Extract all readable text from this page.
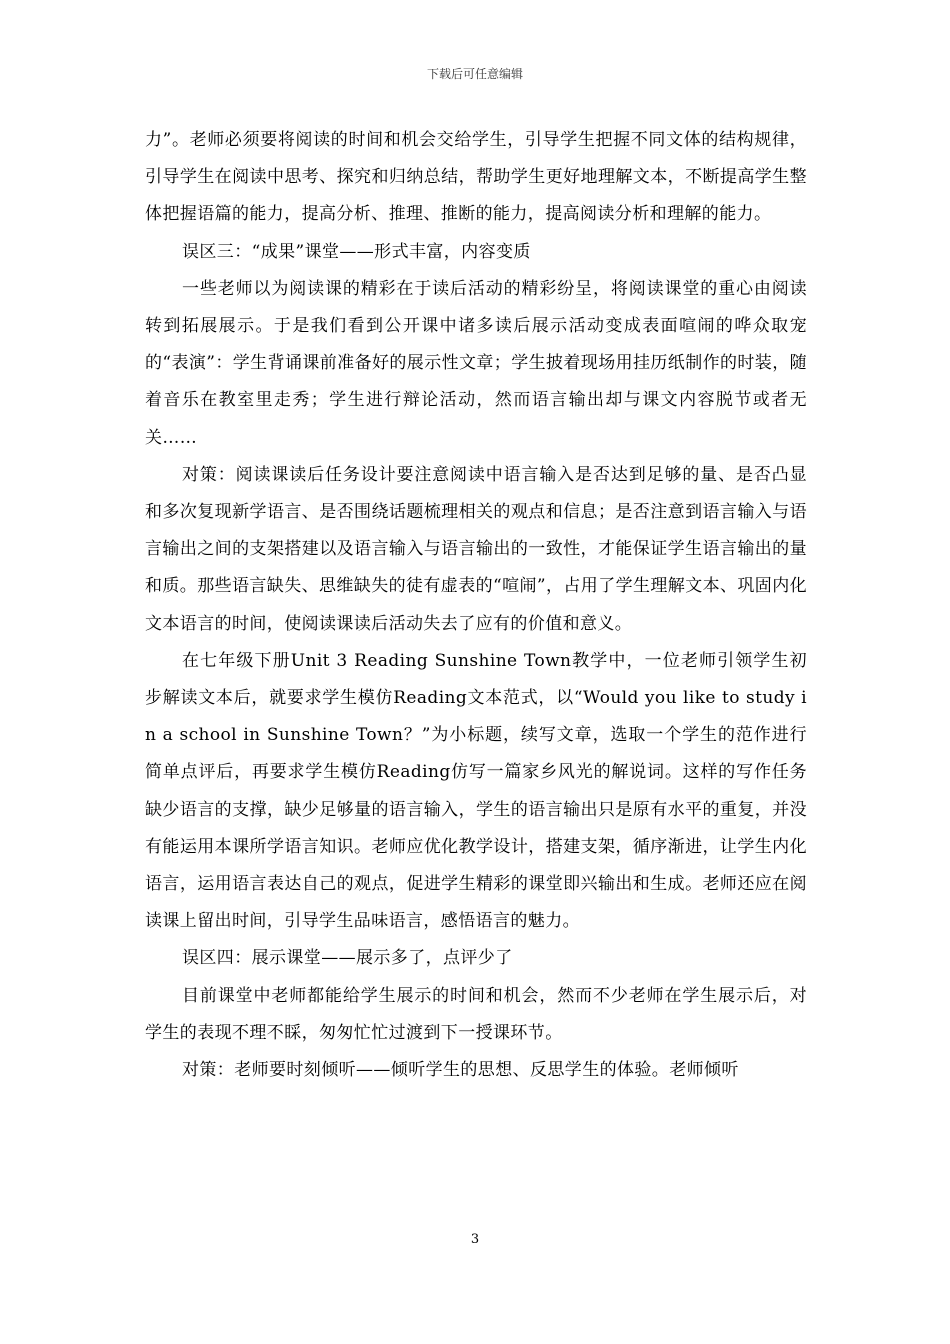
下载后可任意编辑

力”。老师必须要将阅读的时间和机会交给学生，引导学生把握不同文体的结构规律，引导学生在阅读中思考、探究和归纳总结，帮助学生更好地理解文本，不断提高学生整体把握语篇的能力，提高分析、推理、推断的能力，提高阅读分析和理解的能力。

误区三：“成果”课堂——形式丰富，内容变质

一些老师以为阅读课的精彩在于读后活动的精彩纷呈，将阅读课堂的重心由阅读转到拓展展示。于是我们看到公开课中诸多读后展示活动变成表面喧闹的哗众取宠的“表演”：学生背诵课前准备好的展示性文章；学生披着现场用挂历纸制作的时装，随着音乐在教室里走秀；学生进行辩论活动，然而语言输出却与课文内容脱节或者无关……

对策：阅读课读后任务设计要注意阅读中语言输入是否达到足够的量、是否凸显和多次复现新学语言、是否围绕话题梳理相关的观点和信息；是否注意到语言输入与语言输出之间的支架搭建以及语言输入与语言输出的一致性，才能保证学生语言输出的量和质。那些语言缺失、思维缺失的徒有虚表的“喧闹”，占用了学生理解文本、巩固内化文本语言的时间，使阅读课读后活动失去了应有的价值和意义。

在七年级下册Unit 3 Reading Sunshine Town教学中，一位老师引领学生初步解读文本后，就要求学生模仿Reading文本范式，以“Would you like to study in a school in Sunshine Town？”为小标题，续写文章，选取一个学生的范作进行简单点评后，再要求学生模仿Reading仿写一篇家乡风光的解说词。这样的写作任务缺少语言的支撑，缺少足够量的语言输入，学生的语言输出只是原有水平的重复，并没有能运用本课所学语言知识。老师应优化教学设计，搭建支架，循序渐进，让学生内化语言，运用语言表达自己的观点，促进学生精彩的课堂即兴输出和生成。老师还应在阅读课上留出时间，引导学生品味语言，感悟语言的魅力。

误区四：展示课堂——展示多了，点评少了

目前课堂中老师都能给学生展示的时间和机会，然而不少老师在学生展示后，对学生的表现不理不睬，匆匆忙忙过渡到下一授课环节。

对策：老师要时刻倾听——倾听学生的思想、反思学生的体验。老师倾听

3
